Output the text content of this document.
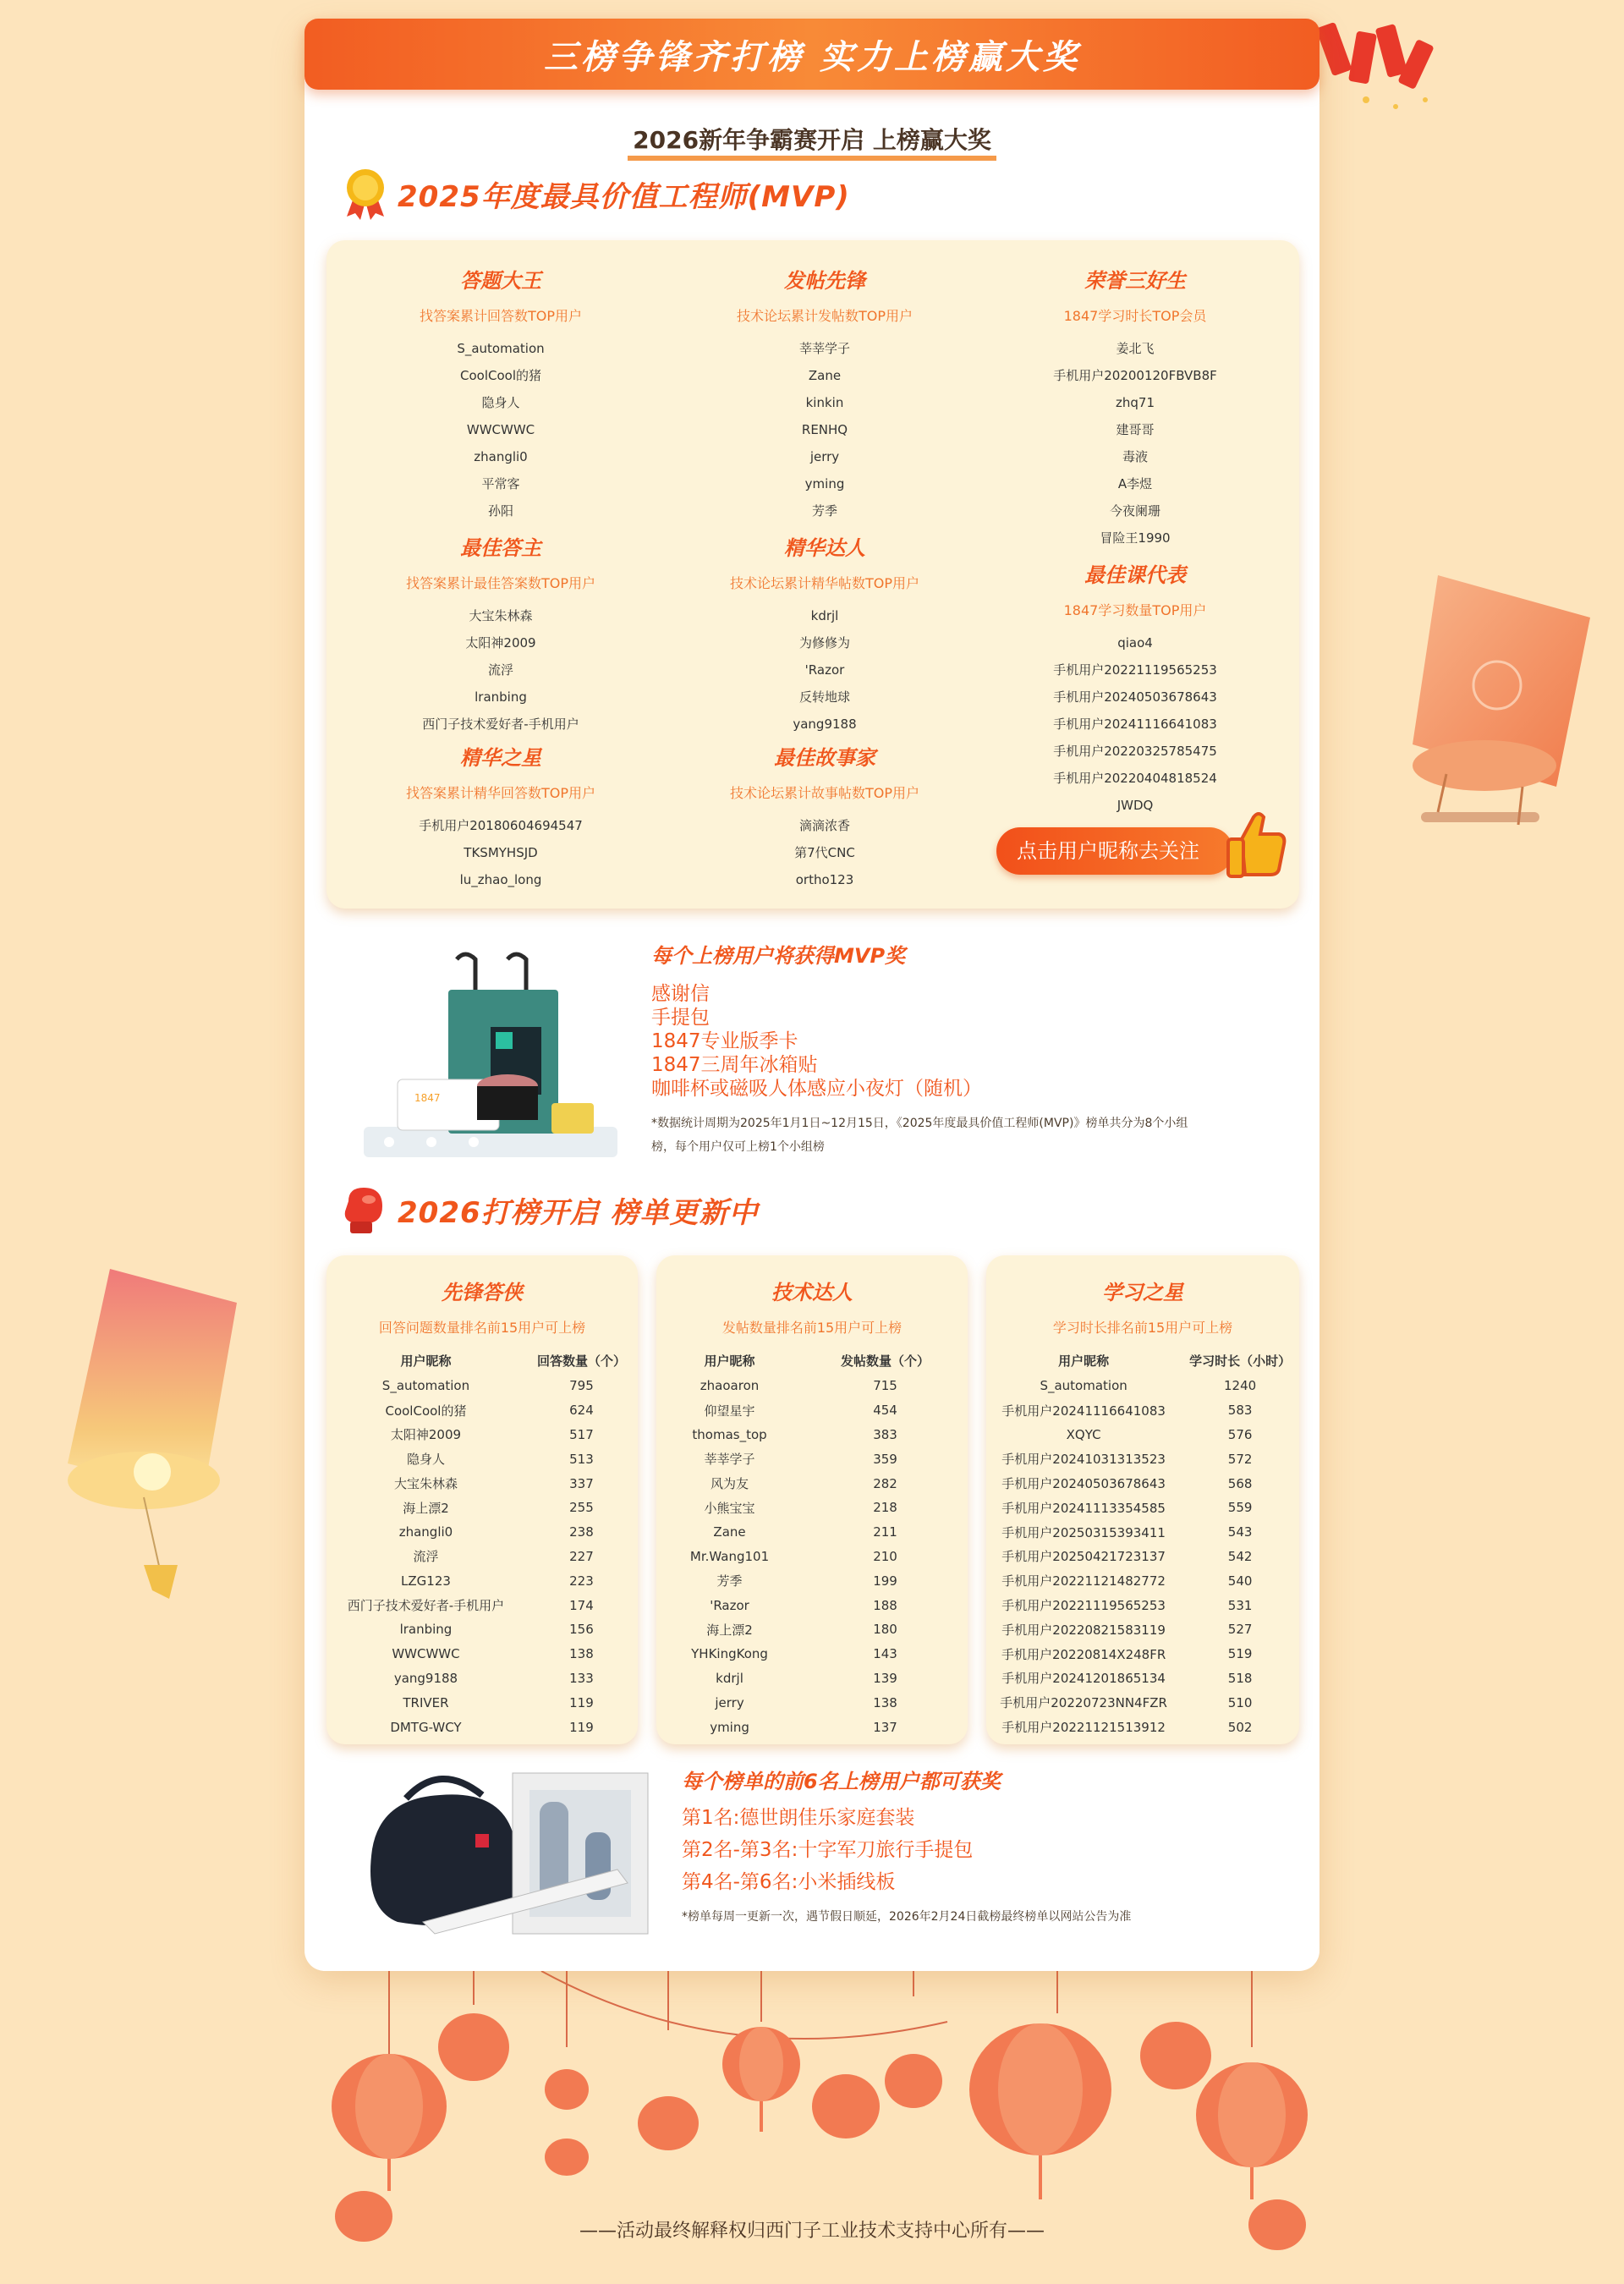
三榜争锋齐打榜 实力上榜赢大奖
2026新年争霸赛开启 上榜赢大奖
2025年度最具价值工程师(MVP)
答题大王
找答案累计回答数TOP用户
S_automation
CoolCool的猪
隐身人
WWCWWC
zhangli0
平常客
孙阳
发帖先锋
技术论坛累计发帖数TOP用户
莘莘学子
Zane
kinkin
RENHQ
jerry
yming
芳季
荣誉三好生
1847学习时长TOP会员
姜北飞
手机用户20200120FBVB8F
zhq71
建哥哥
毒液
A李煜
今夜阑珊
冒险王1990
最佳答主
找答案累计最佳答案数TOP用户
大宝朱林森
太阳神2009
流浮
lranbing
西门子技术爱好者-手机用户
精华达人
技术论坛累计精华帖数TOP用户
kdrjl
为修修为
'Razor
反转地球
yang9188
最佳课代表
1847学习数量TOP用户
qiao4
手机用户20221119565253
手机用户20240503678643
手机用户20241116641083
手机用户20220325785475
手机用户20220404818524
JWDQ
精华之星
找答案累计精华回答数TOP用户
手机用户20180604694547
TKSMYHSJD
lu_zhao_long
最佳故事家
技术论坛累计故事帖数TOP用户
滴滴浓香
第7代CNC
ortho123
点击用户昵称去关注
1847
每个上榜用户将获得MVP奖
感谢信
手提包
1847专业版季卡
1847三周年冰箱贴
咖啡杯或磁吸人体感应小夜灯（随机）
*数据统计周期为2025年1月1日~12月15日，《2025年度最具价值工程师(MVP)》榜单共分为8个小组
榜，每个用户仅可上榜1个小组榜
2026打榜开启 榜单更新中
先锋答侠
回答问题数量排名前15用户可上榜
用户昵称	回答数量（个）
S_automation	795
CoolCool的猪	624
太阳神2009	517
隐身人	513
大宝朱林森	337
海上漂2	255
zhangli0	238
流浮	227
LZG123	223
西门子技术爱好者-手机用户	174
lranbing	156
WWCWWC	138
yang9188	133
TRIVER	119
DMTG-WCY	119
技术达人
发帖数量排名前15用户可上榜
用户昵称	发帖数量（个）
zhaoaron	715
仰望星宇	454
thomas_top	383
莘莘学子	359
风为友	282
小熊宝宝	218
Zane	211
Mr.Wang101	210
芳季	199
'Razor	188
海上漂2	180
YHKingKong	143
kdrjl	139
jerry	138
yming	137
学习之星
学习时长排名前15用户可上榜
用户昵称	学习时长（小时）
S_automation	1240
手机用户20241116641083	583
XQYC	576
手机用户20241031313523	572
手机用户20240503678643	568
手机用户20241113354585	559
手机用户20250315393411	543
手机用户20250421723137	542
手机用户20221121482772	540
手机用户20221119565253	531
手机用户20220821583119	527
手机用户20220814X248FR	519
手机用户20241201865134	518
手机用户20220723NN4FZR	510
手机用户20221121513912	502
每个榜单的前6名上榜用户都可获奖
第1名:德世朗佳乐家庭套装
第2名-第3名:十字军刀旅行手提包
第4名-第6名:小米插线板
*榜单每周一更新一次，遇节假日顺延，2026年2月24日截榜最终榜单以网站公告为准
——活动最终解释权归西门子工业技术支持中心所有——
